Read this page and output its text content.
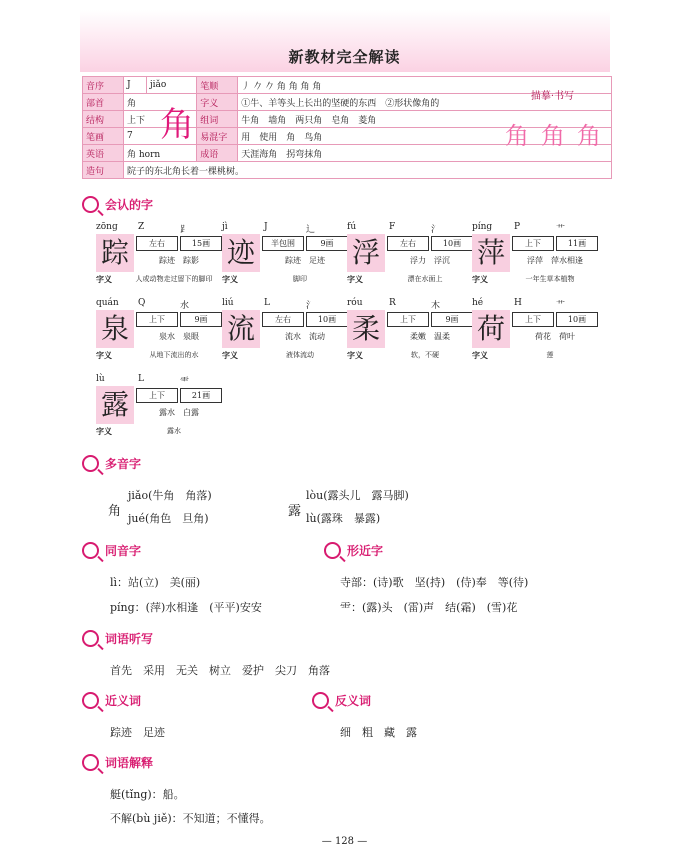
新教材完全解读
音序	J	jiǎo	笔顺	丿 𠂊 𠂊 角 角 角 角
部首	角		字义	①牛、羊等头上长出的坚硬的东西　②形状像角的
结构	上下		组词	牛角　墙角　两只角　皂角　菱角
笔画	7		易混字	用　使用　角　鸟角
英语	角 horn		成语	天涯海角　拐弯抹角
造句	院子的东北角长着一棵桃树。			
角
描摹·书写
角角角
会认的字
zōng	Z	⻊
踪	左右	15画
踪迹　踪影
字义	人或动物走过留下的脚印
jì	J	辶
迹	半包围	9画
踪迹　足迹
字义	脚印
fú	F	氵
浮	左右	10画
浮力　浮沉
字义	漂在水面上
píng	P	艹
萍	上下	11画
浮萍　萍水相逢
字义	一年生草本植物
quán	Q	水
泉	上下	9画
泉水　泉眼
字义	从地下流出的水
liú	L	氵
流	左右	10画
流水　流动
字义	液体流动
róu	R	木
柔	上下	9画
柔嫩　温柔
字义	软，不硬
hé	H	艹
荷	上下	10画
荷花　荷叶
字义	莲
lù	L	⻗
露	上下	21画
露水　白露
字义	露水
多音字
角
jiǎo(牛角　角落)
jué(角色　旦角)	露
lòu(露头儿　露马脚)
lù(露珠　暴露)
同音字	形近字
lì：站(立)　美(丽)
píng：(萍)水相逢　(平平)安安
寺部：(诗)歌　坚(持)　(侍)奉　等(待)
⻗：(露)头　(雷)声　结(霜)　(雪)花
词语听写
首先　采用　无关　树立　爱护　尖刀　角落
近义词	反义词
踪迹　足迹	细　粗　藏　露
词语解释
艇(tǐng)：船。
不解(bù jiě)：不知道；不懂得。
— 128 —
